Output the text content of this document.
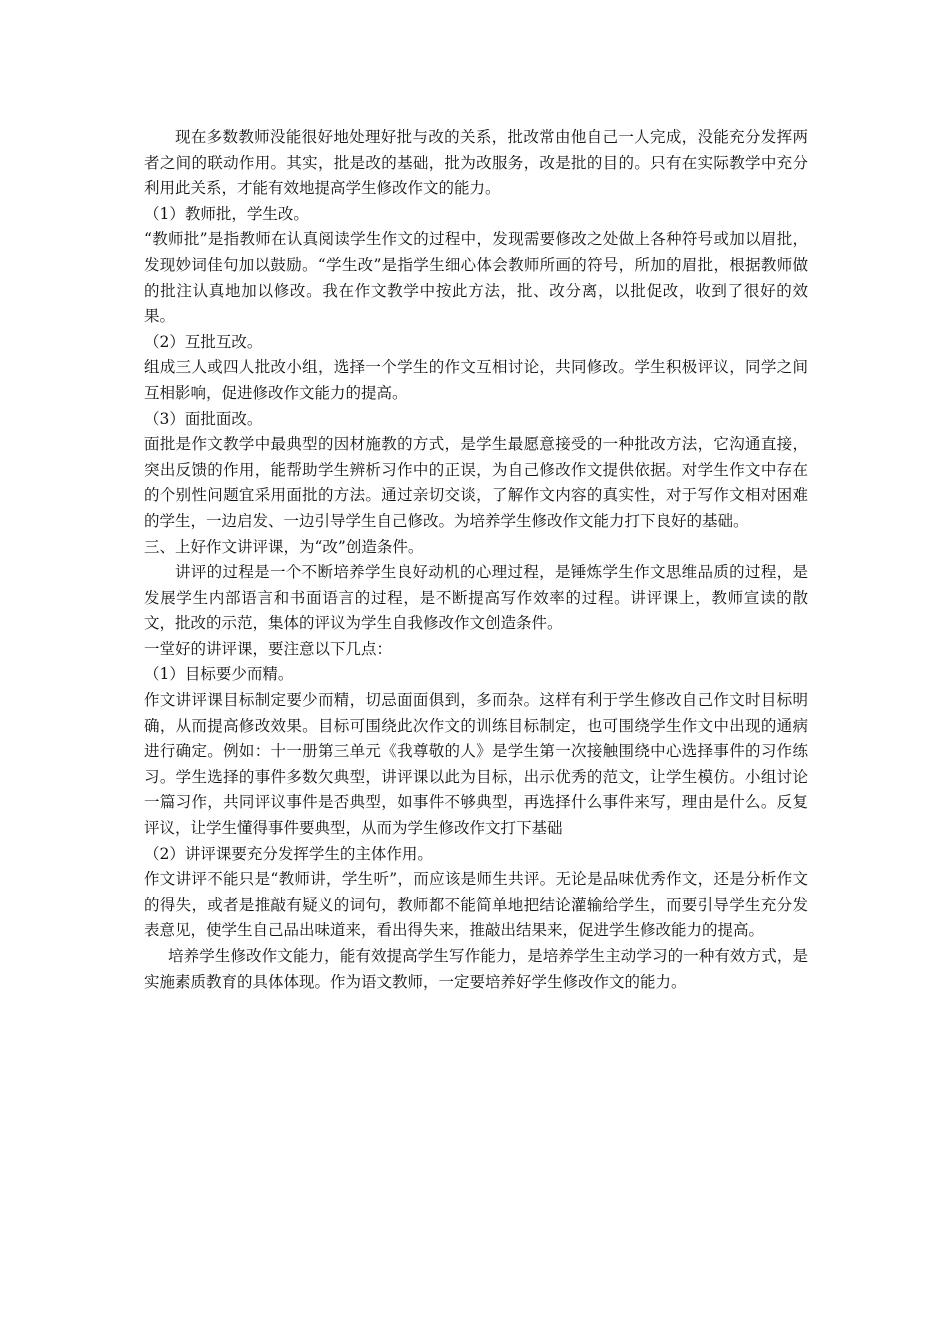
现在多数教师没能很好地处理好批与改的关系，批改常由他自己一人完成，没能充分发挥两者之间的联动作用。其实，批是改的基础，批为改服务，改是批的目的。只有在实际教学中充分利用此关系，才能有效地提高学生修改作文的能力。

（1）教师批，学生改。

“教师批”是指教师在认真阅读学生作文的过程中，发现需要修改之处做上各种符号或加以眉批，发现妙词佳句加以鼓励。“学生改”是指学生细心体会教师所画的符号，所加的眉批，根据教师做的批注认真地加以修改。我在作文教学中按此方法，批、改分离，以批促改，收到了很好的效果。

（2）互批互改。

组成三人或四人批改小组，选择一个学生的作文互相讨论，共同修改。学生积极评议，同学之间互相影响，促进修改作文能力的提高。

（3）面批面改。

面批是作文教学中最典型的因材施教的方式，是学生最愿意接受的一种批改方法，它沟通直接，突出反馈的作用，能帮助学生辨析习作中的正误，为自己修改作文提供依据。对学生作文中存在的个别性问题宜采用面批的方法。通过亲切交谈，了解作文内容的真实性，对于写作文相对困难的学生，一边启发、一边引导学生自己修改。为培养学生修改作文能力打下良好的基础。

三、上好作文讲评课，为“改”创造条件。

讲评的过程是一个不断培养学生良好动机的心理过程，是锤炼学生作文思维品质的过程，是发展学生内部语言和书面语言的过程，是不断提高写作效率的过程。讲评课上，教师宣读的散文，批改的示范，集体的评议为学生自我修改作文创造条件。

一堂好的讲评课，要注意以下几点：

（1）目标要少而精。

作文讲评课目标制定要少而精，切忌面面俱到，多而杂。这样有利于学生修改自己作文时目标明确，从而提高修改效果。目标可围绕此次作文的训练目标制定，也可围绕学生作文中出现的通病进行确定。例如：十一册第三单元《我尊敬的人》是学生第一次接触围绕中心选择事件的习作练习。学生选择的事件多数欠典型，讲评课以此为目标，出示优秀的范文，让学生模仿。小组讨论一篇习作，共同评议事件是否典型，如事件不够典型，再选择什么事件来写，理由是什么。反复评议，让学生懂得事件要典型，从而为学生修改作文打下基础

（2）讲评课要充分发挥学生的主体作用。

作文讲评不能只是“教师讲，学生听”，而应该是师生共评。无论是品味优秀作文，还是分析作文的得失，或者是推敲有疑义的词句，教师都不能简单地把结论灌输给学生，而要引导学生充分发表意见，使学生自己品出味道来，看出得失来，推敲出结果来，促进学生修改能力的提高。

培养学生修改作文能力，能有效提高学生写作能力，是培养学生主动学习的一种有效方式，是实施素质教育的具体体现。作为语文教师，一定要培养好学生修改作文的能力。
